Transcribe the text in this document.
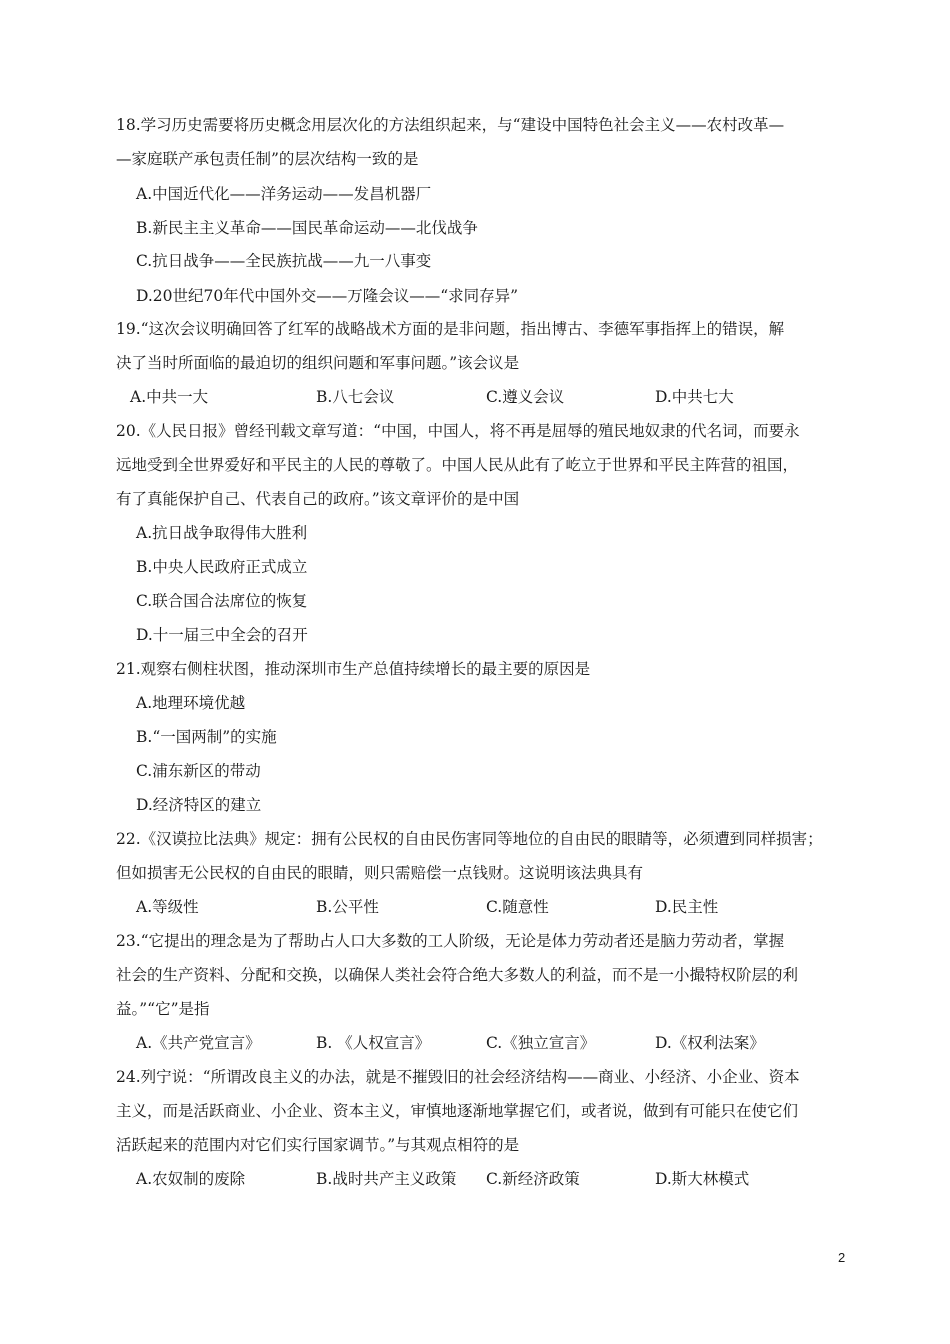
18.学习历史需要将历史概念用层次化的方法组织起来，与“建设中国特色社会主义——农村改革—
—家庭联产承包责任制”的层次结构一致的是
A.中国近代化——洋务运动——发昌机器厂
B.新民主主义革命——国民革命运动——北伐战争
C.抗日战争——全民族抗战——九一八事变
D.20世纪70年代中国外交——万隆会议——“求同存异”
19.“这次会议明确回答了红军的战略战术方面的是非问题，指出博古、李德军事指挥上的错误，解
决了当时所面临的最迫切的组织问题和军事问题。”该会议是
A.中共一大	B.八七会议	C.遵义会议	D.中共七大
20.《人民日报》曾经刊载文章写道：“中国，中国人，将不再是屈辱的殖民地奴隶的代名词，而要永
远地受到全世界爱好和平民主的人民的尊敬了。中国人民从此有了屹立于世界和平民主阵营的祖国，
有了真能保护自己、代表自己的政府。”该文章评价的是中国
A.抗日战争取得伟大胜利
B.中央人民政府正式成立
C.联合国合法席位的恢复
D.十一届三中全会的召开
21.观察右侧柱状图，推动深圳市生产总值持续增长的最主要的原因是
A.地理环境优越
B.“一国两制”的实施
C.浦东新区的带动
D.经济特区的建立
22.《汉谟拉比法典》规定：拥有公民权的自由民伤害同等地位的自由民的眼睛等，必须遭到同样损害；
但如损害无公民权的自由民的眼睛，则只需赔偿一点钱财。这说明该法典具有
A.等级性	B.公平性	C.随意性	D.民主性
23.“它提出的理念是为了帮助占人口大多数的工人阶级，无论是体力劳动者还是脑力劳动者，掌握
社会的生产资料、分配和交换，以确保人类社会符合绝大多数人的利益，而不是一小撮特权阶层的利
益。”“它”是指
A.《共产党宣言》	B. 《人权宣言》	C.《独立宣言》	D.《权利法案》
24.列宁说：“所谓改良主义的办法，就是不摧毁旧的社会经济结构——商业、小经济、小企业、资本
主义，而是活跃商业、小企业、资本主义，审慎地逐渐地掌握它们，或者说，做到有可能只在使它们
活跃起来的范围内对它们实行国家调节。”与其观点相符的是
A.农奴制的废除	B.战时共产主义政策 C.新经济政策	D.斯大林模式
2
